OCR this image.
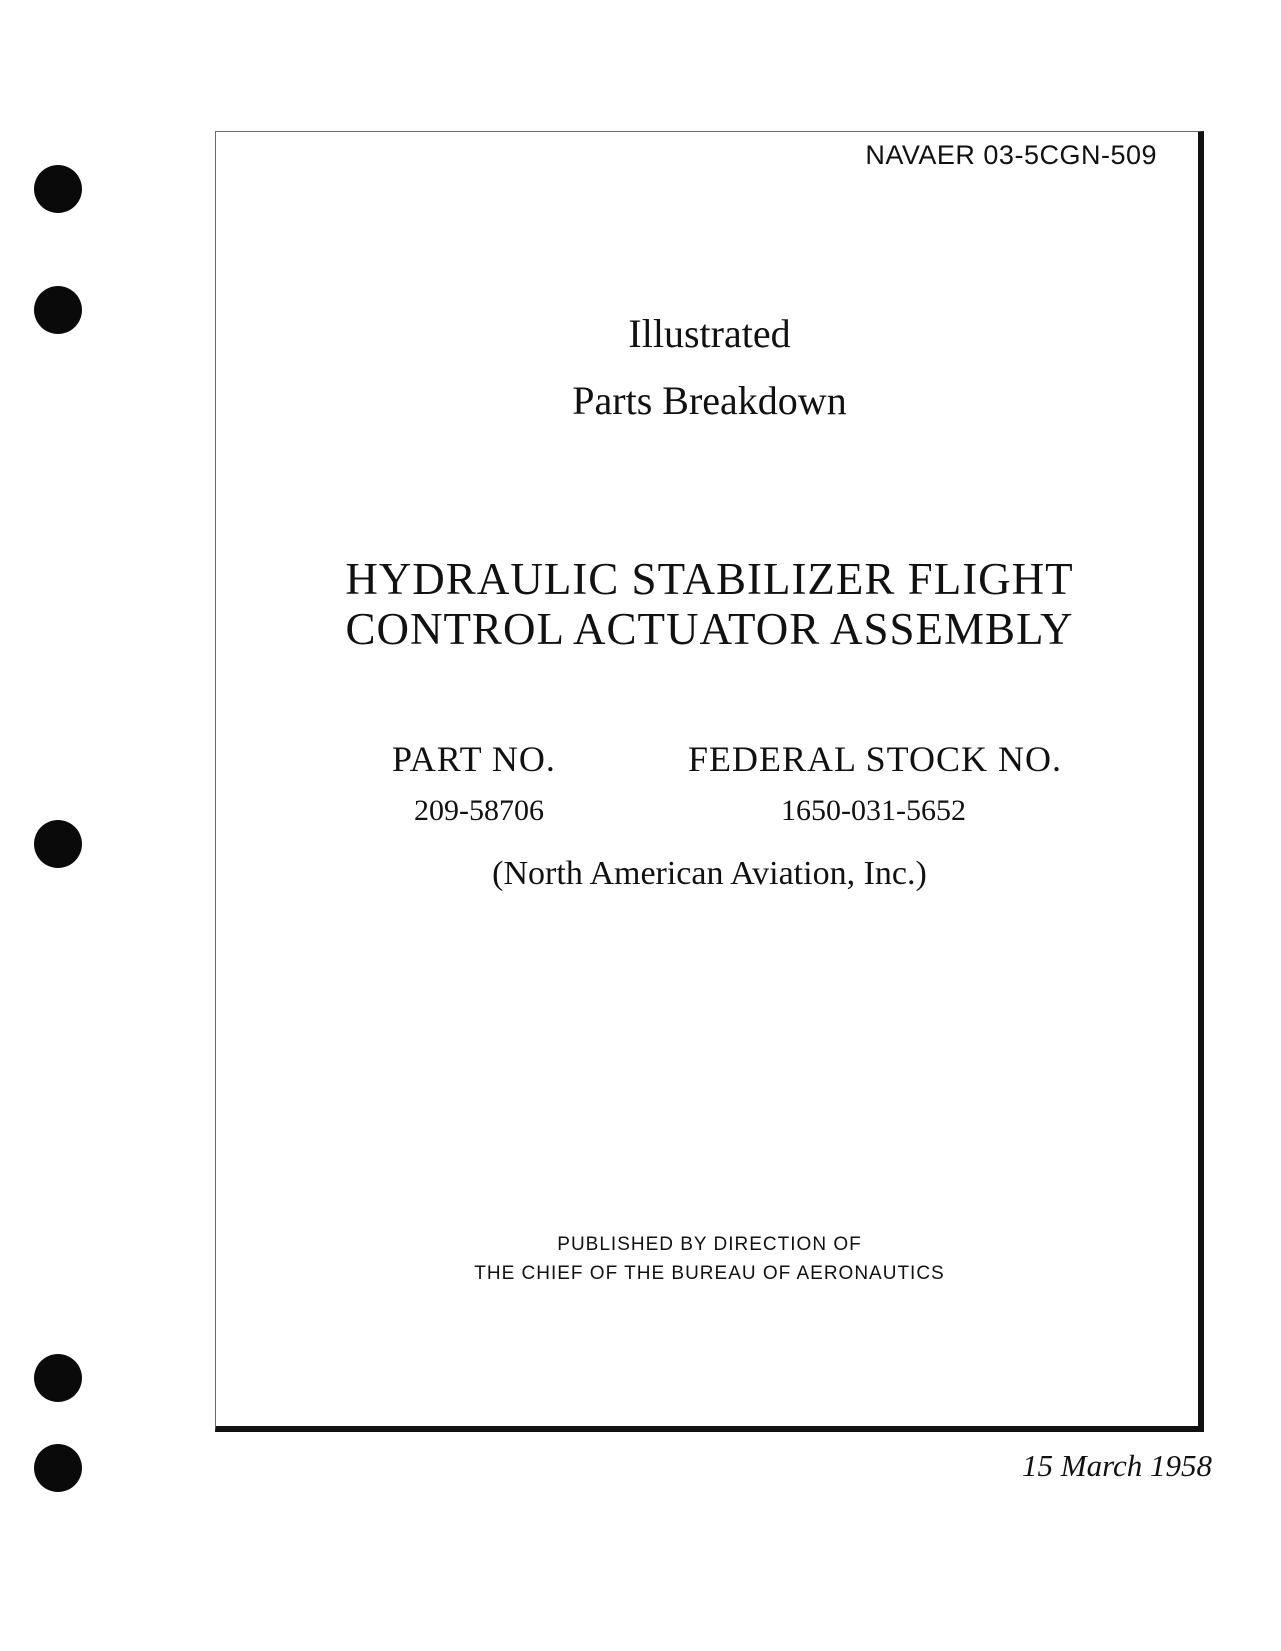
NAVAER 03-5CGN-509
Illustrated
Parts Breakdown
HYDRAULIC STABILIZER FLIGHT
CONTROL ACTUATOR ASSEMBLY
PART NO.	FEDERAL STOCK NO.
209-58706	1650-031-5652
(North American Aviation, Inc.)
PUBLISHED BY DIRECTION OF
THE CHIEF OF THE BUREAU OF AERONAUTICS
15 March 1958
